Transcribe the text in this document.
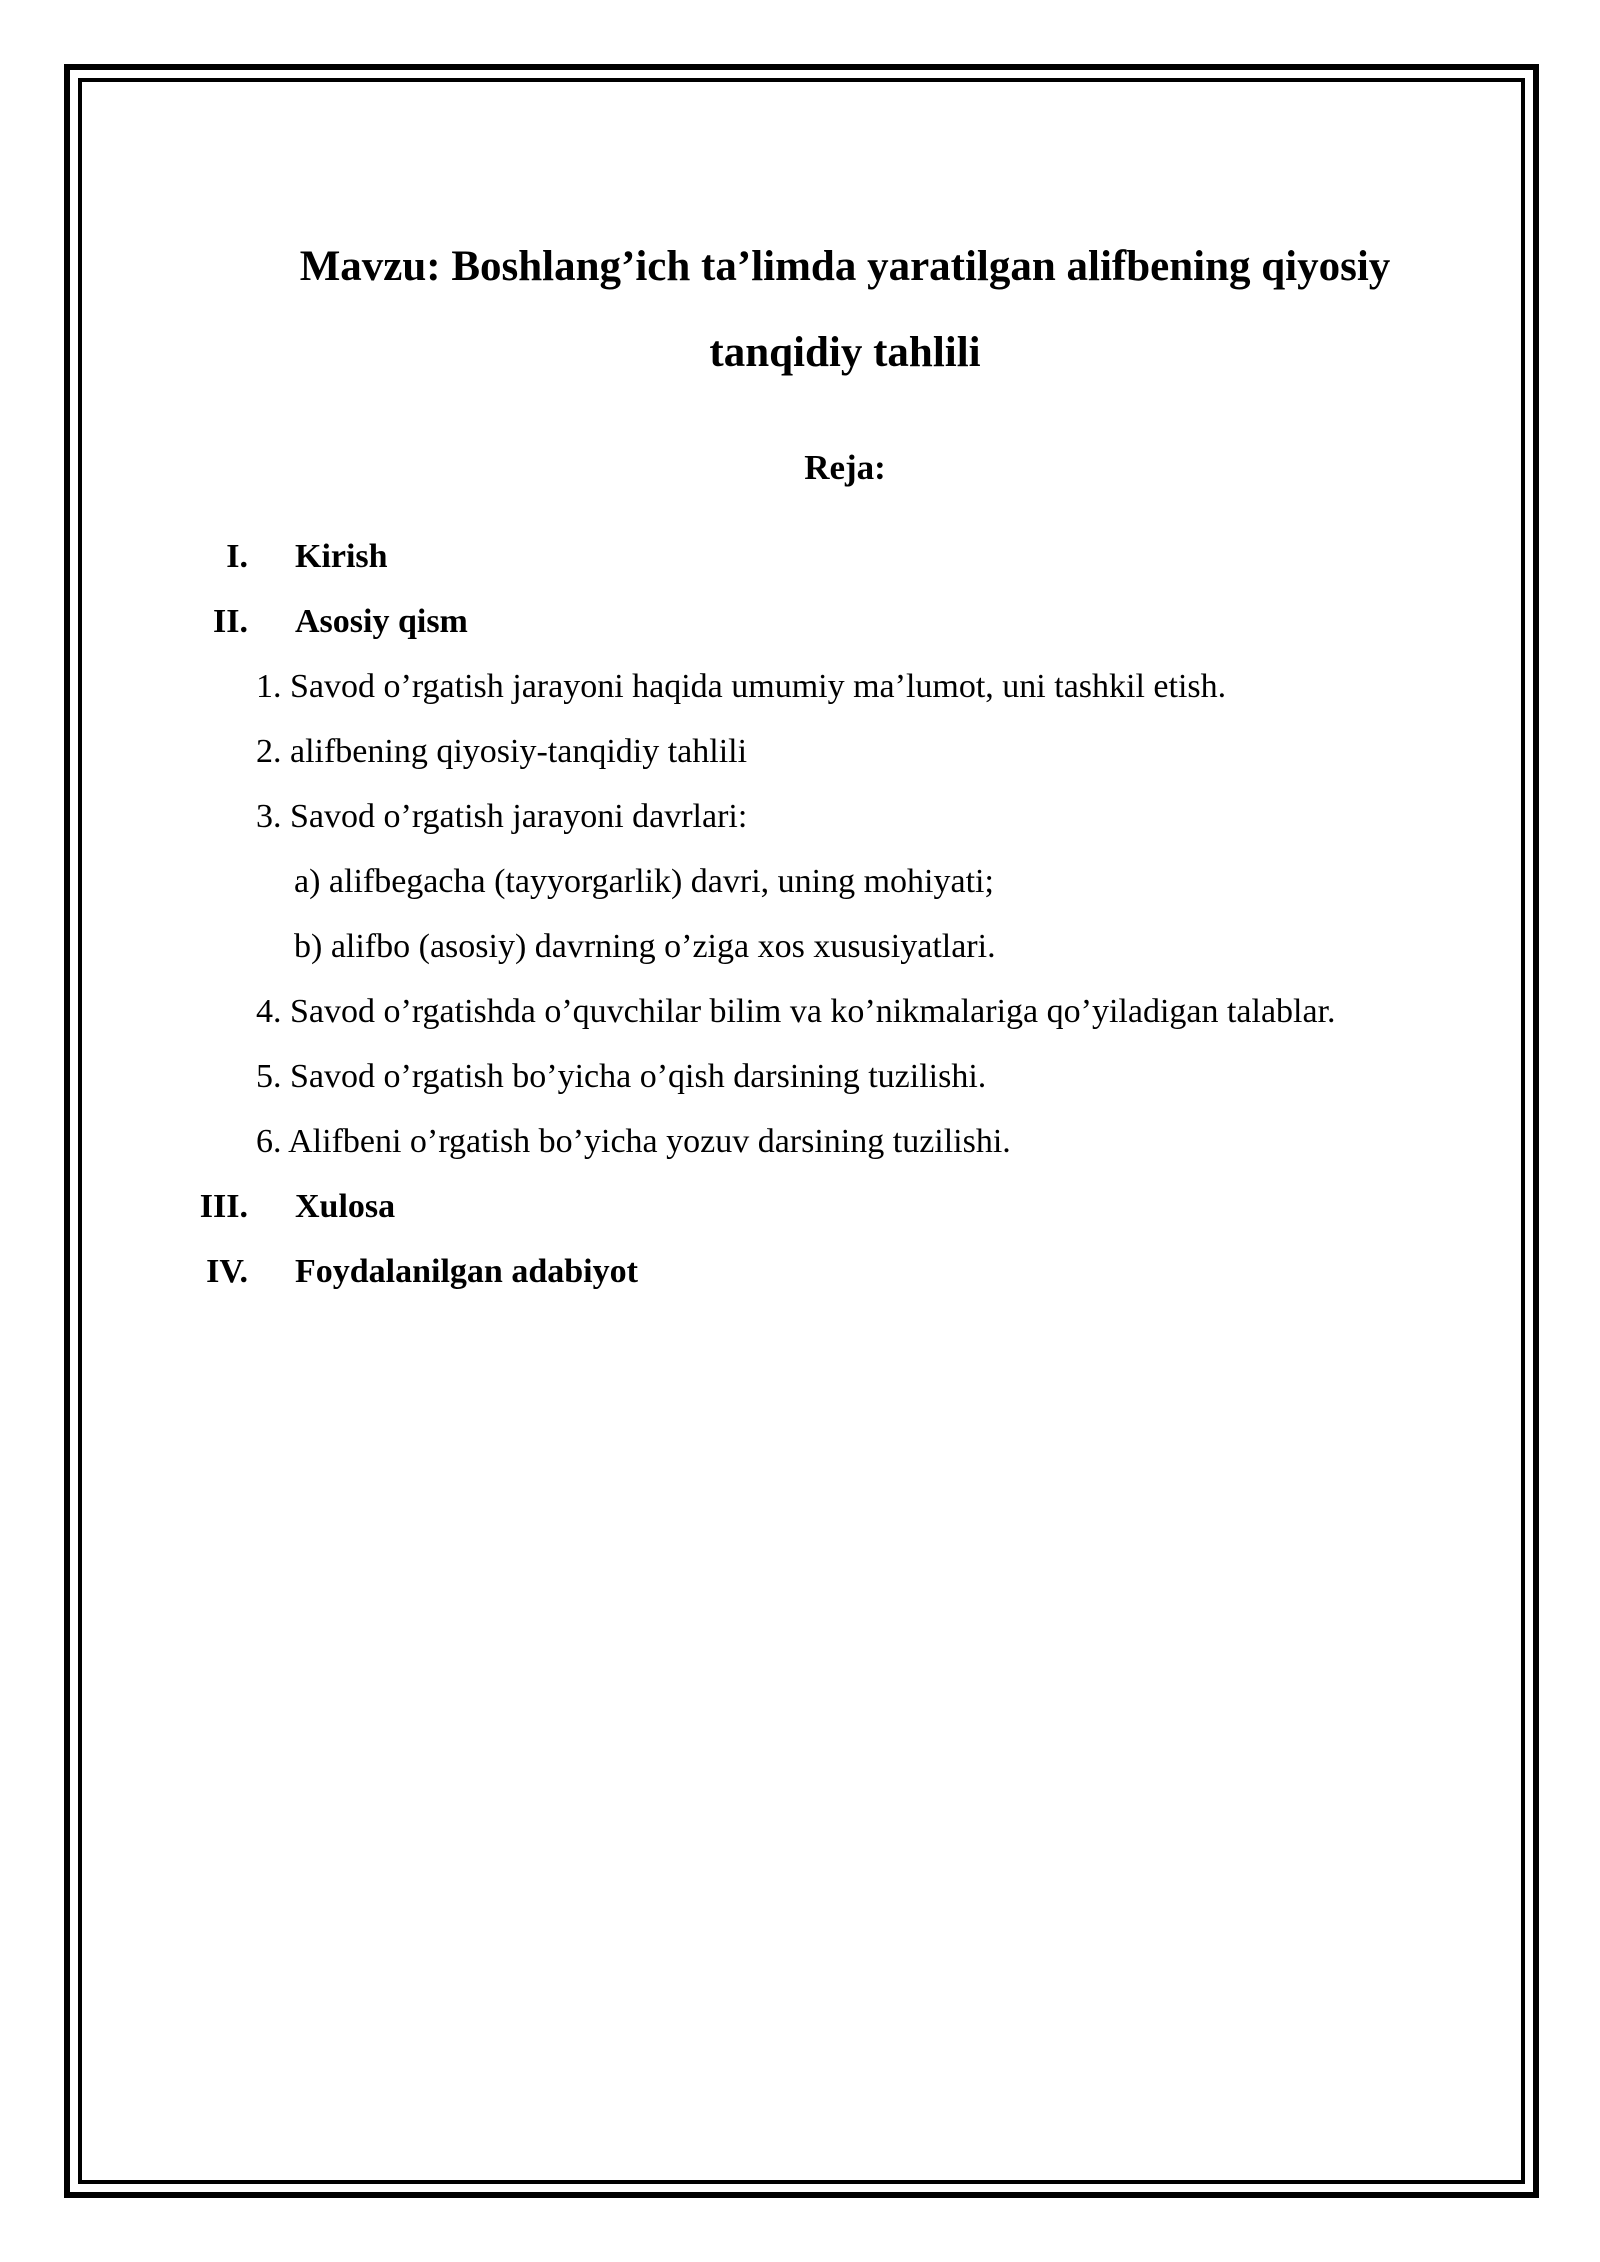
Mavzu: Boshlang’ich ta’limda yaratilgan alifbening qiyosiy
tanqidiy tahlili
Reja:
I. Kirish
II. Asosiy qism
1. Savod o’rgatish jarayoni haqida umumiy ma’lumot, uni tashkil etish.
2. alifbening qiyosiy-tanqidiy tahlili
3. Savod o’rgatish jarayoni davrlari:
a) alifbegacha (tayyorgarlik) davri, uning mohiyati;
b) alifbo (asosiy) davrning o’ziga xos xususiyatlari.
4. Savod o’rgatishda o’quvchilar bilim va ko’nikmalariga qo’yiladigan talablar.
5. Savod o’rgatish bo’yicha o’qish darsining tuzilishi.
6. Alifbeni o’rgatish bo’yicha yozuv darsining tuzilishi.
III. Xulosa
IV. Foydalanilgan adabiyot
